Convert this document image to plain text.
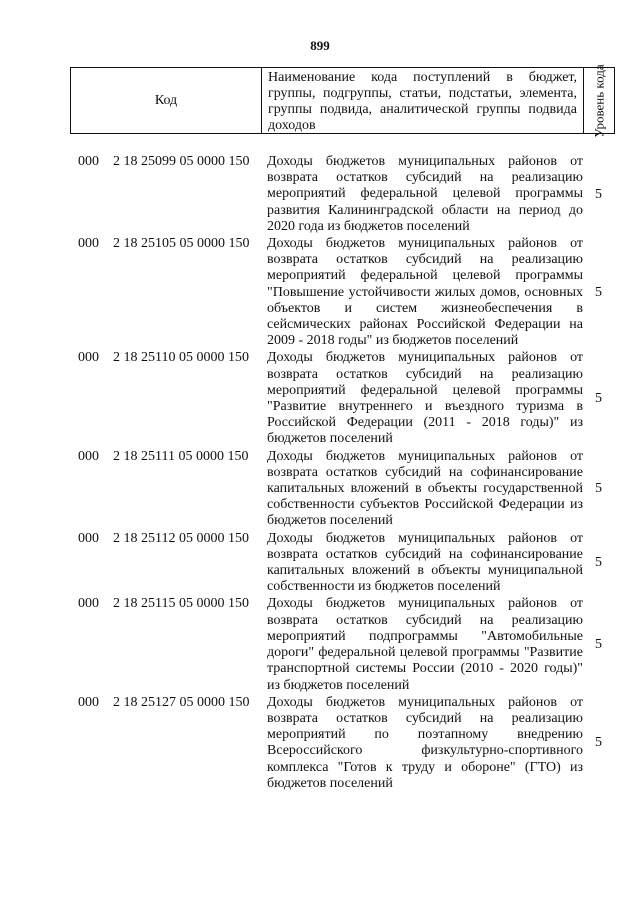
899
Код
Наименование кода поступлений в бюджет, группы, подгруппы, статьи, подстатьи, элемента, группы подвида, аналитической группы подвида доходов	Уровень кода
000 2 18 25099 05 0000 150 Доходы бюджетов муниципальных районов от возврата остатков субсидий на реализацию мероприятий федеральной целевой программы развития Калининградской области на период до 2020 года из бюджетов поселений
5
000 2 18 25105 05 0000 150 Доходы бюджетов муниципальных районов от возврата остатков субсидий на реализацию мероприятий федеральной целевой программы "Повышение устойчивости жилых домов, основных объектов и систем жизнеобеспечения в сейсмических районах Российской Федерации на 2009 - 2018 годы" из бюджетов поселений
5
000 2 18 25110 05 0000 150 Доходы бюджетов муниципальных районов от возврата остатков субсидий на реализацию мероприятий федеральной целевой программы "Развитие внутреннего и въездного туризма в Российской Федерации (2011 - 2018 годы)" из бюджетов поселений
5
000 2 18 25111 05 0000 150 Доходы бюджетов муниципальных районов от возврата остатков субсидий на софинансирование капитальных вложений в объекты государственной собственности субъектов Российской Федерации из бюджетов поселений
5
000 2 18 25112 05 0000 150 Доходы бюджетов муниципальных районов от возврата остатков субсидий на софинансирование капитальных вложений в объекты муниципальной собственности из бюджетов поселений
5
000 2 18 25115 05 0000 150 Доходы бюджетов муниципальных районов от возврата остатков субсидий на реализацию мероприятий подпрограммы "Автомобильные дороги" федеральной целевой программы "Развитие транспортной системы России (2010 - 2020 годы)" из бюджетов поселений
5
000 2 18 25127 05 0000 150 Доходы бюджетов муниципальных районов от возврата остатков субсидий на реализацию мероприятий по поэтапному внедрению Всероссийского физкультурно-спортивного комплекса "Готов к труду и обороне" (ГТО) из бюджетов поселений
5
